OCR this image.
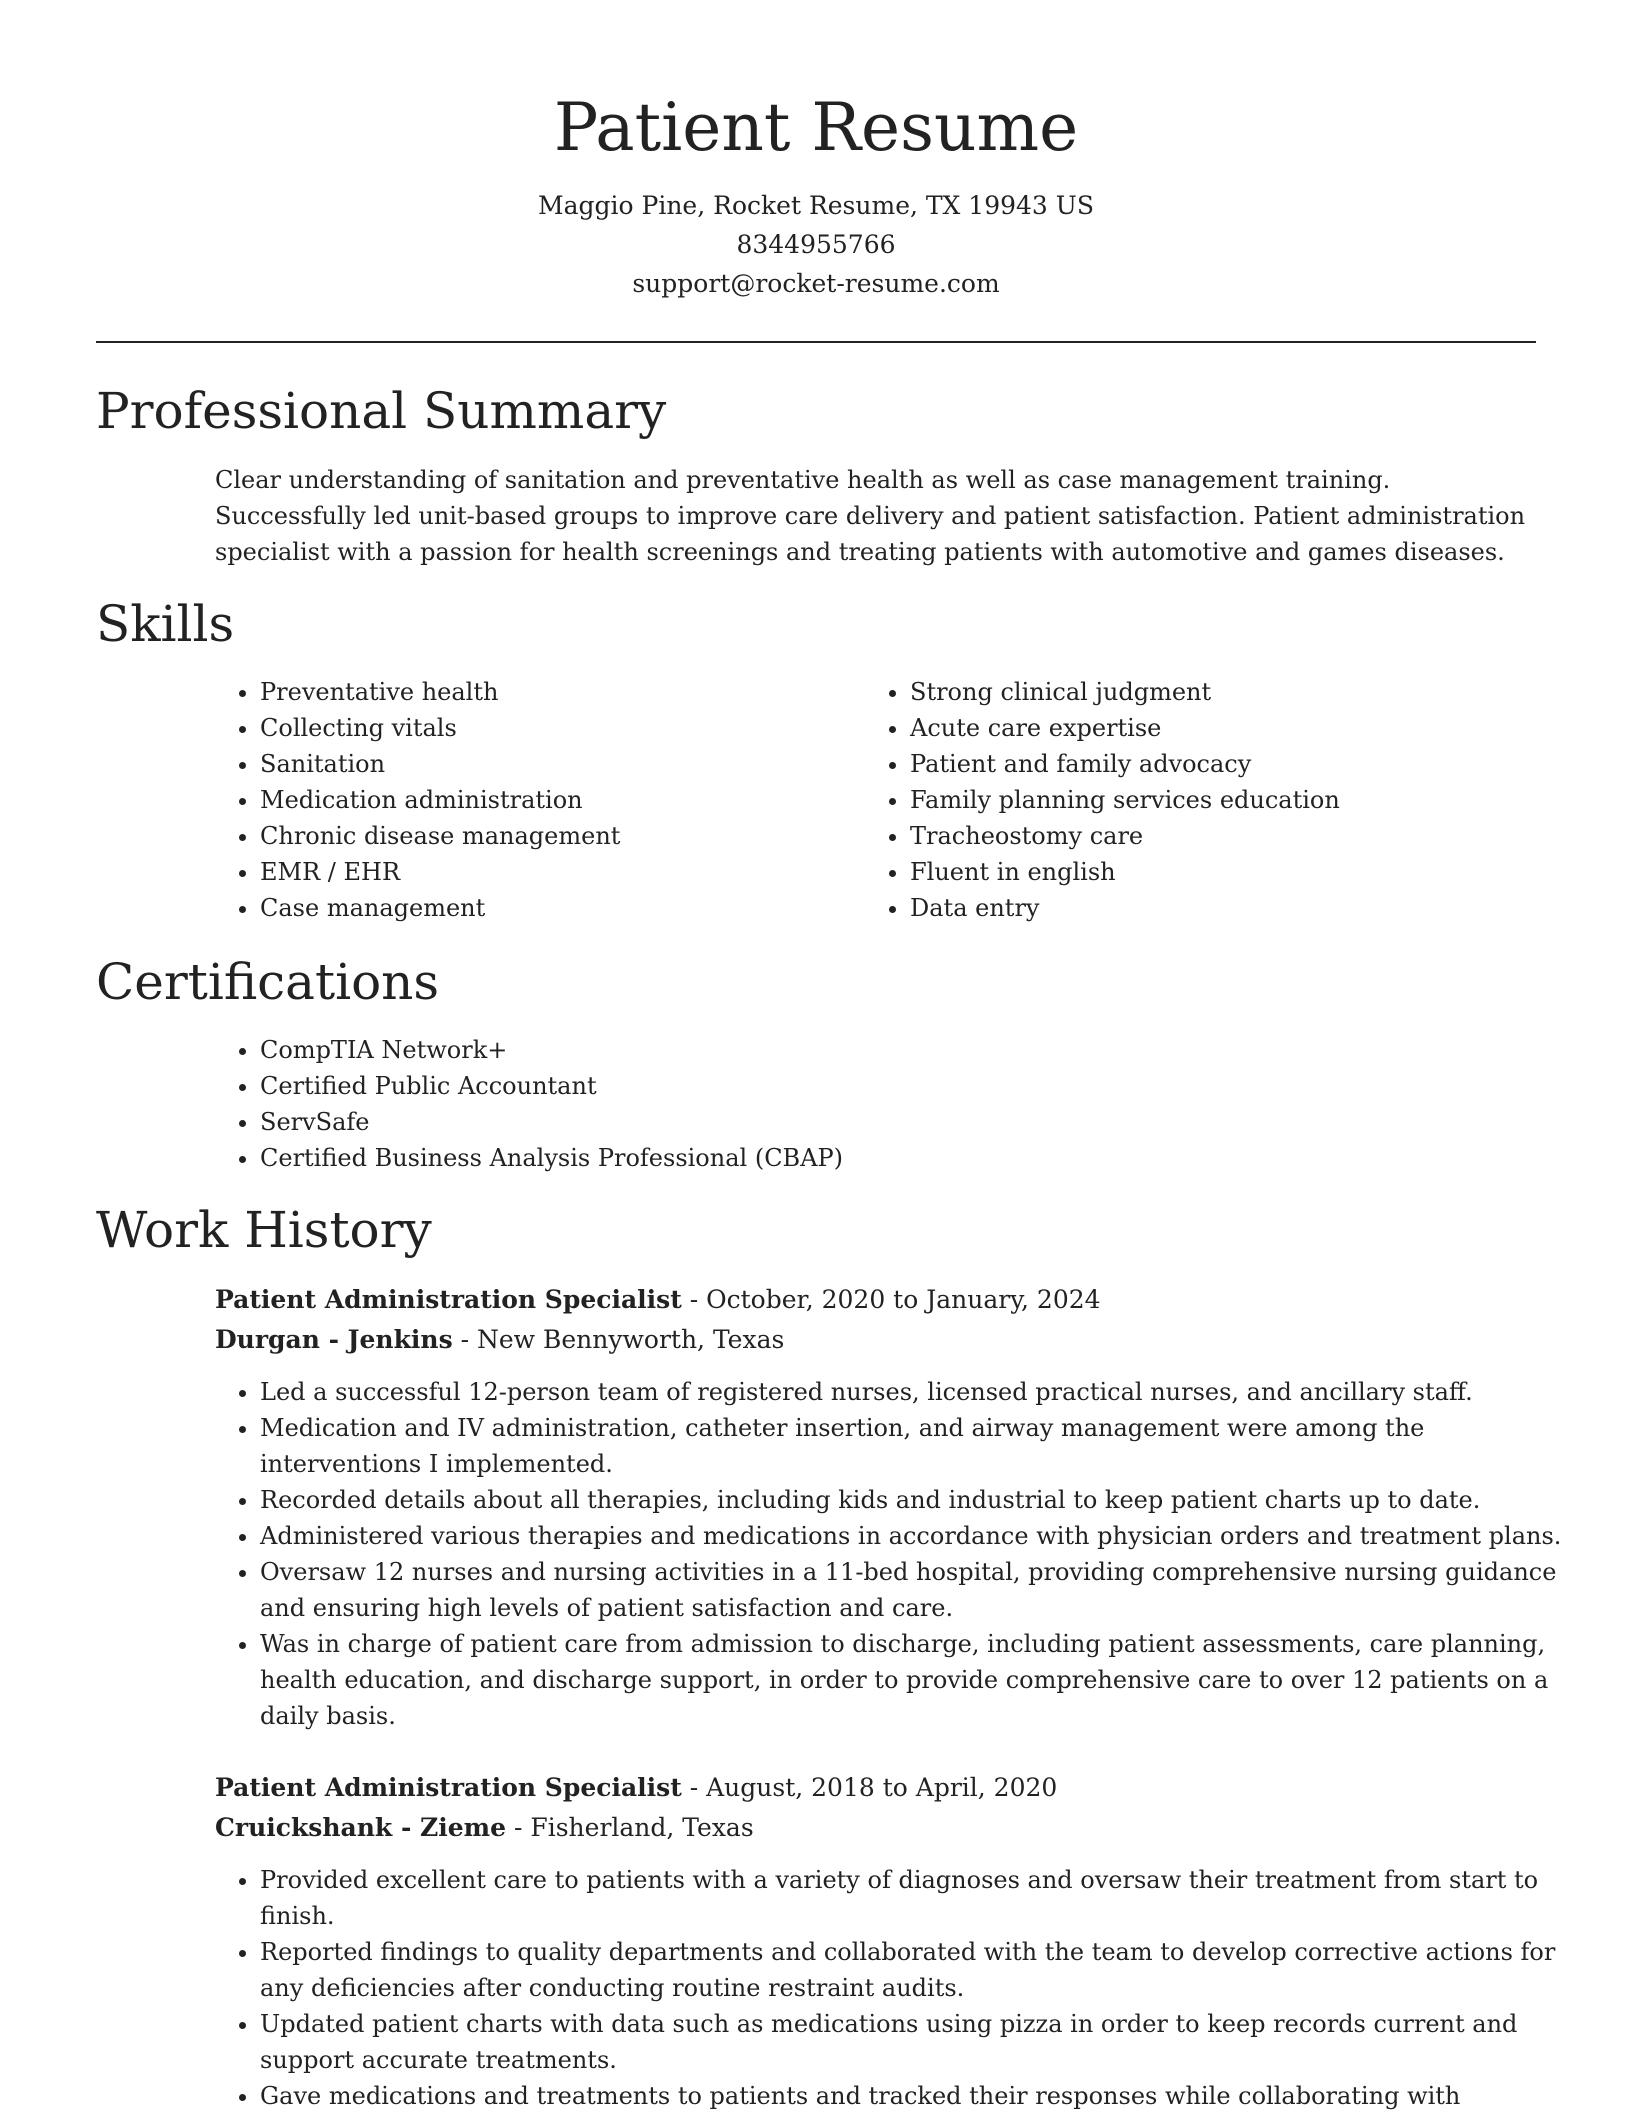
Patient Resume
Maggio Pine, Rocket Resume, TX 19943 US
8344955766
support@rocket-resume.com
Professional Summary

Clear understanding of sanitation and preventative health as well as case management training. Successfully led unit-based groups to improve care delivery and patient satisfaction. Patient administration specialist with a passion for health screenings and treating patients with automotive and games diseases.

Skills
• Preventative health
• Collecting vitals
• Sanitation
• Medication administration
• Chronic disease management
• EMR / EHR
• Case management
• Strong clinical judgment
• Acute care expertise
• Patient and family advocacy
• Family planning services education
• Tracheostomy care
• Fluent in english
• Data entry
Certifications
• CompTIA Network+
• Certified Public Accountant
• ServSafe
• Certified Business Analysis Professional (CBAP)
Work History
Patient Administration Specialist - October, 2020 to January, 2024
Durgan - Jenkins - New Bennyworth, Texas
• Led a successful 12-person team of registered nurses, licensed practical nurses, and ancillary staff.
• Medication and IV administration, catheter insertion, and airway management were among the interventions I implemented.
• Recorded details about all therapies, including kids and industrial to keep patient charts up to date.
• Administered various therapies and medications in accordance with physician orders and treatment plans.
• Oversaw 12 nurses and nursing activities in a 11-bed hospital, providing comprehensive nursing guidance and ensuring high levels of patient satisfaction and care.
• Was in charge of patient care from admission to discharge, including patient assessments, care planning, health education, and discharge support, in order to provide comprehensive care to over 12 patients on a daily basis.
Patient Administration Specialist - August, 2018 to April, 2020
Cruickshank - Zieme - Fisherland, Texas
• Provided excellent care to patients with a variety of diagnoses and oversaw their treatment from start to finish.
• Reported findings to quality departments and collaborated with the team to develop corrective actions for any deficiencies after conducting routine restraint audits.
• Updated patient charts with data such as medications using pizza in order to keep records current and support accurate treatments.
• Gave medications and treatments to patients and tracked their responses while collaborating with
